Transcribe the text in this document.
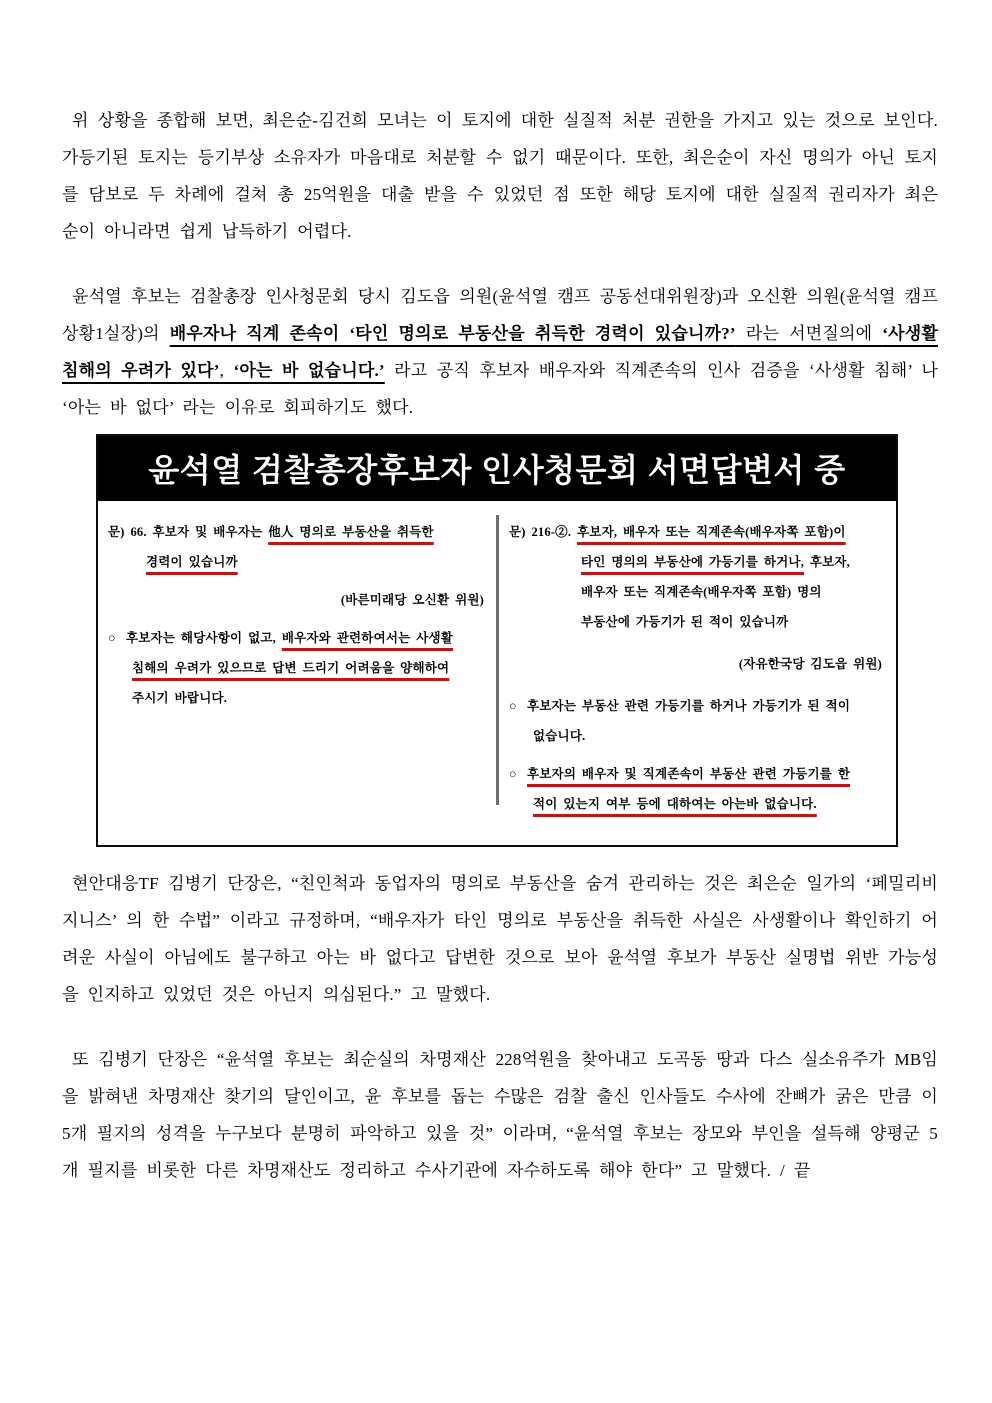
위 상황을 종합해 보면, 최은순-김건희 모녀는 이 토지에 대한 실질적 처분 권한을 가지고 있는 것으로 보인다. 가등기된 토지는 등기부상 소유자가 마음대로 처분할 수 없기 때문이다. 또한, 최은순이 자신 명의가 아닌 토지를 담보로 두 차례에 걸쳐 총 25억원을 대출 받을 수 있었던 점 또한 해당 토지에 대한 실질적 권리자가 최은순이 아니라면 쉽게 납득하기 어렵다.

윤석열 후보는 검찰총장 인사청문회 당시 김도읍 의원(윤석열 캠프 공동선대위원장)과 오신환 의원(윤석열 캠프 상황1실장)의 배우자나 직계 존속이 ‘타인 명의로 부동산을 취득한 경력이 있습니까?’ 라는 서면질의에 ‘사생활 침해의 우려가 있다’, ‘아는 바 없습니다.’ 라고 공직 후보자 배우자와 직계존속의 인사 검증을 ‘사생활 침해’ 나 ‘아는 바 없다’ 라는 이유로 회피하기도 했다.

윤석열 검찰총장후보자 인사청문회 서면답변서 중
문) 66. 후보자 및 배우자는 他人 명의로 부동산을 취득한
경력이 있습니까
(바른미래당 오신환 위원)
○ 후보자는 해당사항이 없고, 배우자와 관련하여서는 사생활
침해의 우려가 있으므로 답변 드리기 어려움을 양해하여
주시기 바랍니다.
문) 216-②. 후보자, 배우자 또는 직계존속(배우자쪽 포함)이
타인 명의의 부동산에 가등기를 하거나, 후보자,
배우자 또는 직계존속(배우자쪽 포함) 명의
부동산에 가등기가 된 적이 있습니까
(자유한국당 김도읍 위원)
○ 후보자는 부동산 관련 가등기를 하거나 가등기가 된 적이
없습니다.
○ 후보자의 배우자 및 직계존속이 부동산 관련 가등기를 한
적이 있는지 여부 등에 대하여는 아는바 없습니다.

현안대응TF 김병기 단장은, “친인척과 동업자의 명의로 부동산을 숨겨 관리하는 것은 최은순 일가의 ‘페밀리비지니스’ 의 한 수법” 이라고 규정하며, “배우자가 타인 명의로 부동산을 취득한 사실은 사생활이나 확인하기 어려운 사실이 아님에도 불구하고 아는 바 없다고 답변한 것으로 보아 윤석열 후보가 부동산 실명법 위반 가능성을 인지하고 있었던 것은 아닌지 의심된다.” 고 말했다.

또 김병기 단장은 “윤석열 후보는 최순실의 차명재산 228억원을 찾아내고 도곡동 땅과 다스 실소유주가 MB임을 밝혀낸 차명재산 찾기의 달인이고, 윤 후보를 돕는 수많은 검찰 출신 인사들도 수사에 잔뼈가 굵은 만큼 이 5개 필지의 성격을 누구보다 분명히 파악하고 있을 것” 이라며, “윤석열 후보는 장모와 부인을 설득해 양평군 5개 필지를 비롯한 다른 차명재산도 정리하고 수사기관에 자수하도록 해야 한다” 고 말했다. / 끝
